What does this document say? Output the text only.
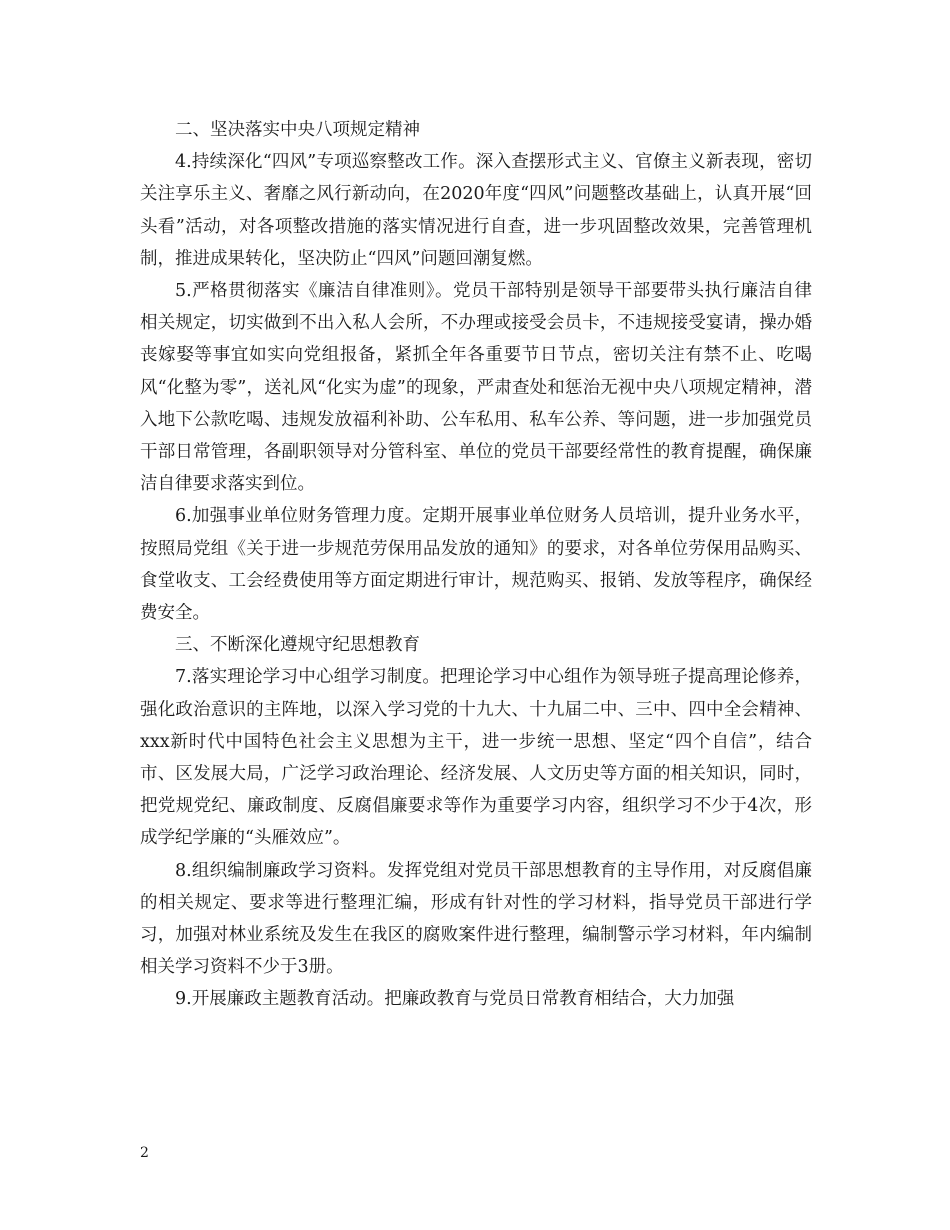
二、坚决落实中央八项规定精神

4.持续深化“四风”专项巡察整改工作。深入查摆形式主义、官僚主义新表现，密切关注享乐主义、奢靡之风行新动向，在2020年度“四风”问题整改基础上，认真开展“回头看”活动，对各项整改措施的落实情况进行自查，进一步巩固整改效果，完善管理机制，推进成果转化，坚决防止“四风”问题回潮复燃。

5.严格贯彻落实《廉洁自律准则》。党员干部特别是领导干部要带头执行廉洁自律相关规定，切实做到不出入私人会所，不办理或接受会员卡，不违规接受宴请，操办婚丧嫁娶等事宜如实向党组报备，紧抓全年各重要节日节点，密切关注有禁不止、吃喝风“化整为零”，送礼风“化实为虚”的现象，严肃查处和惩治无视中央八项规定精神，潜入地下公款吃喝、违规发放福利补助、公车私用、私车公养、等问题，进一步加强党员干部日常管理，各副职领导对分管科室、单位的党员干部要经常性的教育提醒，确保廉洁自律要求落实到位。

6.加强事业单位财务管理力度。定期开展事业单位财务人员培训，提升业务水平，按照局党组《关于进一步规范劳保用品发放的通知》的要求，对各单位劳保用品购买、食堂收支、工会经费使用等方面定期进行审计，规范购买、报销、发放等程序，确保经费安全。

三、不断深化遵规守纪思想教育

7.落实理论学习中心组学习制度。把理论学习中心组作为领导班子提高理论修养，强化政治意识的主阵地，以深入学习党的十九大、十九届二中、三中、四中全会精神、xxx新时代中国特色社会主义思想为主干，进一步统一思想、坚定“四个自信”，结合市、区发展大局，广泛学习政治理论、经济发展、人文历史等方面的相关知识，同时，把党规党纪、廉政制度、反腐倡廉要求等作为重要学习内容，组织学习不少于4次，形成学纪学廉的“头雁效应”。

8.组织编制廉政学习资料。发挥党组对党员干部思想教育的主导作用，对反腐倡廉的相关规定、要求等进行整理汇编，形成有针对性的学习材料，指导党员干部进行学习，加强对林业系统及发生在我区的腐败案件进行整理，编制警示学习材料，年内编制相关学习资料不少于3册。

9.开展廉政主题教育活动。把廉政教育与党员日常教育相结合，大力加强

2
